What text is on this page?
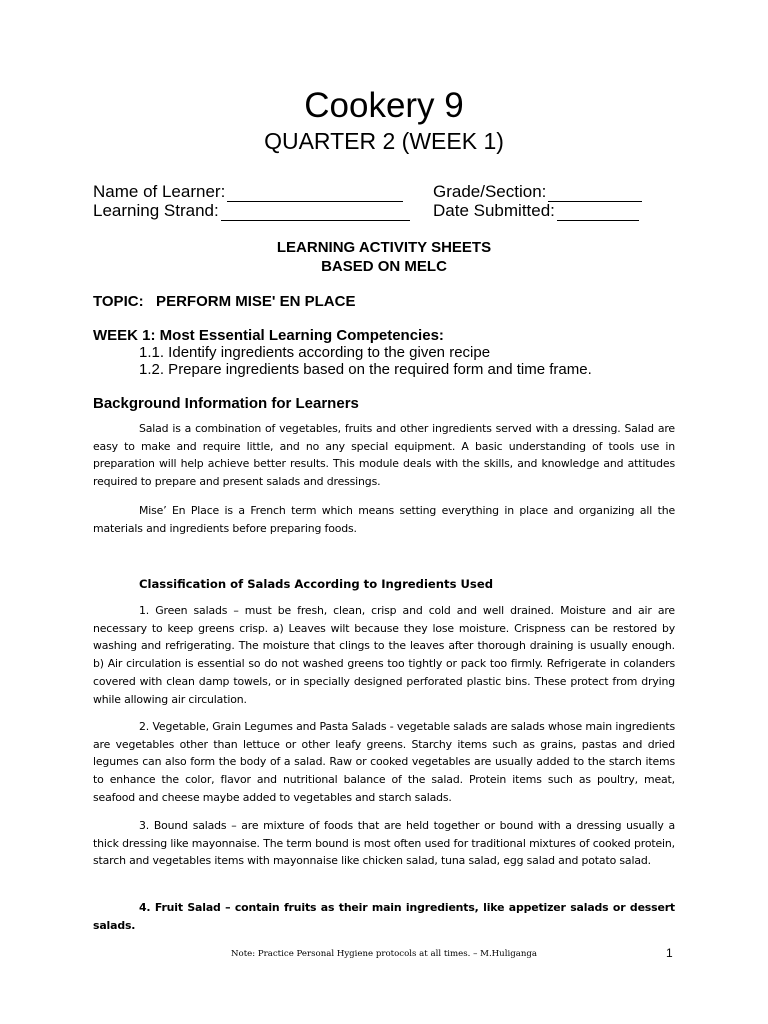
Cookery 9
QUARTER 2 (WEEK 1)
Name of Learner:	Grade/Section:
Learning Strand:	Date Submitted:
LEARNING ACTIVITY SHEETS
BASED ON MELC
TOPIC:   PERFORM MISE' EN PLACE
WEEK 1: Most Essential Learning Competencies:
1.1. Identify ingredients according to the given recipe
1.2. Prepare ingredients based on the required form and time frame.
Background Information for Learners
Salad is a combination of vegetables, fruits and other ingredients served with a dressing. Salad are easy to make and require little, and no any special equipment. A basic understanding of tools use in preparation will help achieve better results. This module deals with the skills, and knowledge and attitudes required to prepare and present salads and dressings.
Mise’ En Place is a French term which means setting everything in place and organizing all the materials and ingredients before preparing foods.
Classification of Salads According to Ingredients Used
1. Green salads – must be fresh, clean, crisp and cold and well drained. Moisture and air are necessary to keep greens crisp. a) Leaves wilt because they lose moisture. Crispness can be restored by washing and refrigerating. The moisture that clings to the leaves after thorough draining is usually enough. b) Air circulation is essential so do not washed greens too tightly or pack too firmly. Refrigerate in colanders covered with clean damp towels, or in specially designed perforated plastic bins. These protect from drying while allowing air circulation.
2. Vegetable, Grain Legumes and Pasta Salads - vegetable salads are salads whose main ingredients are vegetables other than lettuce or other leafy greens. Starchy items such as grains, pastas and dried legumes can also form the body of a salad. Raw or cooked vegetables are usually added to the starch items to enhance the color, flavor and nutritional balance of the salad. Protein items such as poultry, meat, seafood and cheese maybe added to vegetables and starch salads.
3. Bound salads – are mixture of foods that are held together or bound with a dressing usually a thick dressing like mayonnaise. The term bound is most often used for traditional mixtures of cooked protein, starch and vegetables items with mayonnaise like chicken salad, tuna salad, egg salad and potato salad.
4. Fruit Salad – contain fruits as their main ingredients, like appetizer salads or dessert salads.
Note: Practice Personal Hygiene protocols at all times. – M.Huliganga	1
